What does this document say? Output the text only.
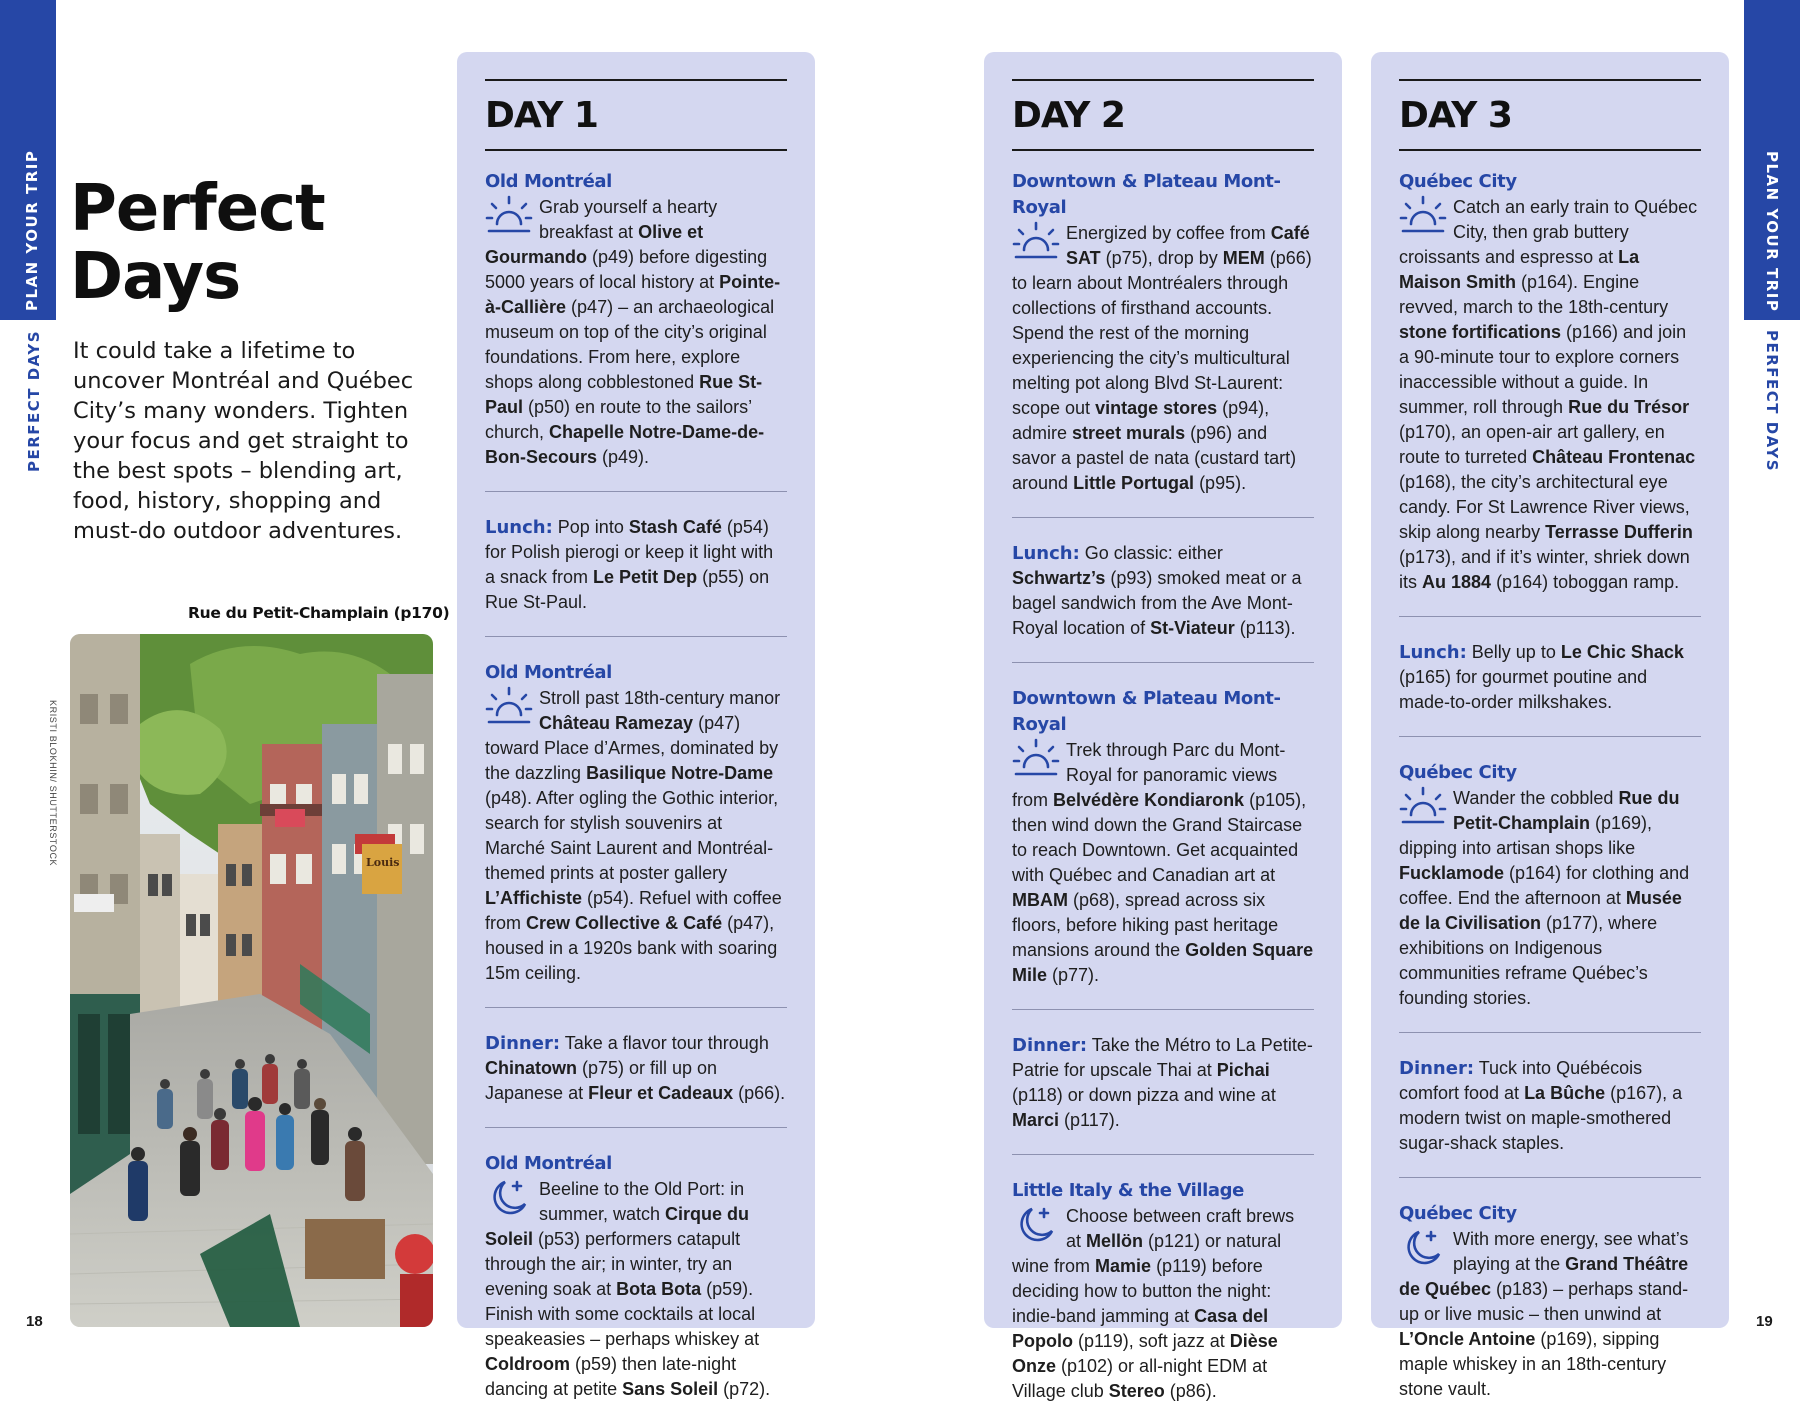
PLAN YOUR TRIP
PERFECT DAYS
PLAN YOUR TRIP
PERFECT DAYS
Perfect
Days

It could take a lifetime to uncover Montréal and Québec City’s many wonders. Tighten your focus and get straight to the best spots – blending art, food, history, shopping and must-do outdoor adventures.

Rue du Petit-Champlain (p170)
KRISTI BLOKHIN/ SHUTTERSTOCK	Louis
18	19
DAY 1
Old Montréal

Grab yourself a hearty breakfast at Olive et Gourmando (p49) before digesting 5000 years of local history at Pointe-à-Callière (p47) – an archaeological museum on top of the city’s original foundations. From here, explore shops along cobblestoned Rue St-Paul (p50) en route to the sailors’ church, Chapelle Notre-Dame-de-Bon-Secours (p49).

Lunch: Pop into Stash Café (p54) for Polish pierogi or keep it light with a snack from Le Petit Dep (p55) on Rue St-Paul.

Old Montréal

Stroll past 18th-century manor Château Ramezay (p47) toward Place d’Armes, dominated by the dazzling Basilique Notre-Dame (p48). After ogling the Gothic interior, search for stylish souvenirs at Marché Saint Laurent and Montréal-themed prints at poster gallery L’Affichiste (p54). Refuel with coffee from Crew Collective & Café (p47), housed in a 1920s bank with soaring 15m ceiling.

Dinner: Take a flavor tour through Chinatown (p75) or fill up on Japanese at Fleur et Cadeaux (p66).

Old Montréal

Beeline to the Old Port: in summer, watch Cirque du Soleil (p53) performers catapult through the air; in winter, try an evening soak at Bota Bota (p59). Finish with some cocktails at local speakeasies – perhaps whiskey at Coldroom (p59) then late-night dancing at petite Sans Soleil (p72).

DAY 2
Downtown & Plateau Mont-Royal

Energized by coffee from Café SAT (p75), drop by MEM (p66) to learn about Montréalers through collections of firsthand accounts. Spend the rest of the morning experiencing the city’s multicultural melting pot along Blvd St-Laurent: scope out vintage stores (p94), admire street murals (p96) and savor a pastel de nata (custard tart) around Little Portugal (p95).

Lunch: Go classic: either Schwartz’s (p93) smoked meat or a bagel sandwich from the Ave Mont-Royal location of St-Viateur (p113).

Downtown & Plateau Mont-Royal

Trek through Parc du Mont-Royal for panoramic views from Belvédère Kondiaronk (p105), then wind down the Grand Staircase to reach Downtown. Get acquainted with Québec and Canadian art at MBAM (p68), spread across six floors, before hiking past heritage mansions around the Golden Square Mile (p77).

Dinner: Take the Métro to La Petite-Patrie for upscale Thai at Pichai (p118) or down pizza and wine at Marci (p117).

Little Italy & the Village

Choose between craft brews at Mellön (p121) or natural wine from Mamie (p119) before deciding how to button the night: indie-band jamming at Casa del Popolo (p119), soft jazz at Dièse Onze (p102) or all-night EDM at Village club Stereo (p86).

DAY 3
Québec City

Catch an early train to Québec City, then grab buttery croissants and espresso at La Maison Smith (p164). Engine revved, march to the 18th-century stone fortifications (p166) and join a 90-minute tour to explore corners inaccessible without a guide. In summer, roll through Rue du Trésor (p170), an open-air art gallery, en route to turreted Château Frontenac (p168), the city’s architectural eye candy. For St Lawrence River views, skip along nearby Terrasse Dufferin (p173), and if it’s winter, shriek down its Au 1884 (p164) toboggan ramp.

Lunch: Belly up to Le Chic Shack (p165) for gourmet poutine and made-to-order milkshakes.

Québec City

Wander the cobbled Rue du Petit-Champlain (p169), dipping into artisan shops like Fucklamode (p164) for clothing and coffee. End the afternoon at Musée de la Civilisation (p177), where exhibitions on Indigenous communities reframe Québec’s founding stories.

Dinner: Tuck into Québécois comfort food at La Bûche (p167), a modern twist on maple-smothered sugar-shack staples.

Québec City

With more energy, see what’s playing at the Grand Théâtre de Québec (p183) – perhaps stand-up or live music – then unwind at L’Oncle Antoine (p169), sipping maple whiskey in an 18th-century stone vault.
